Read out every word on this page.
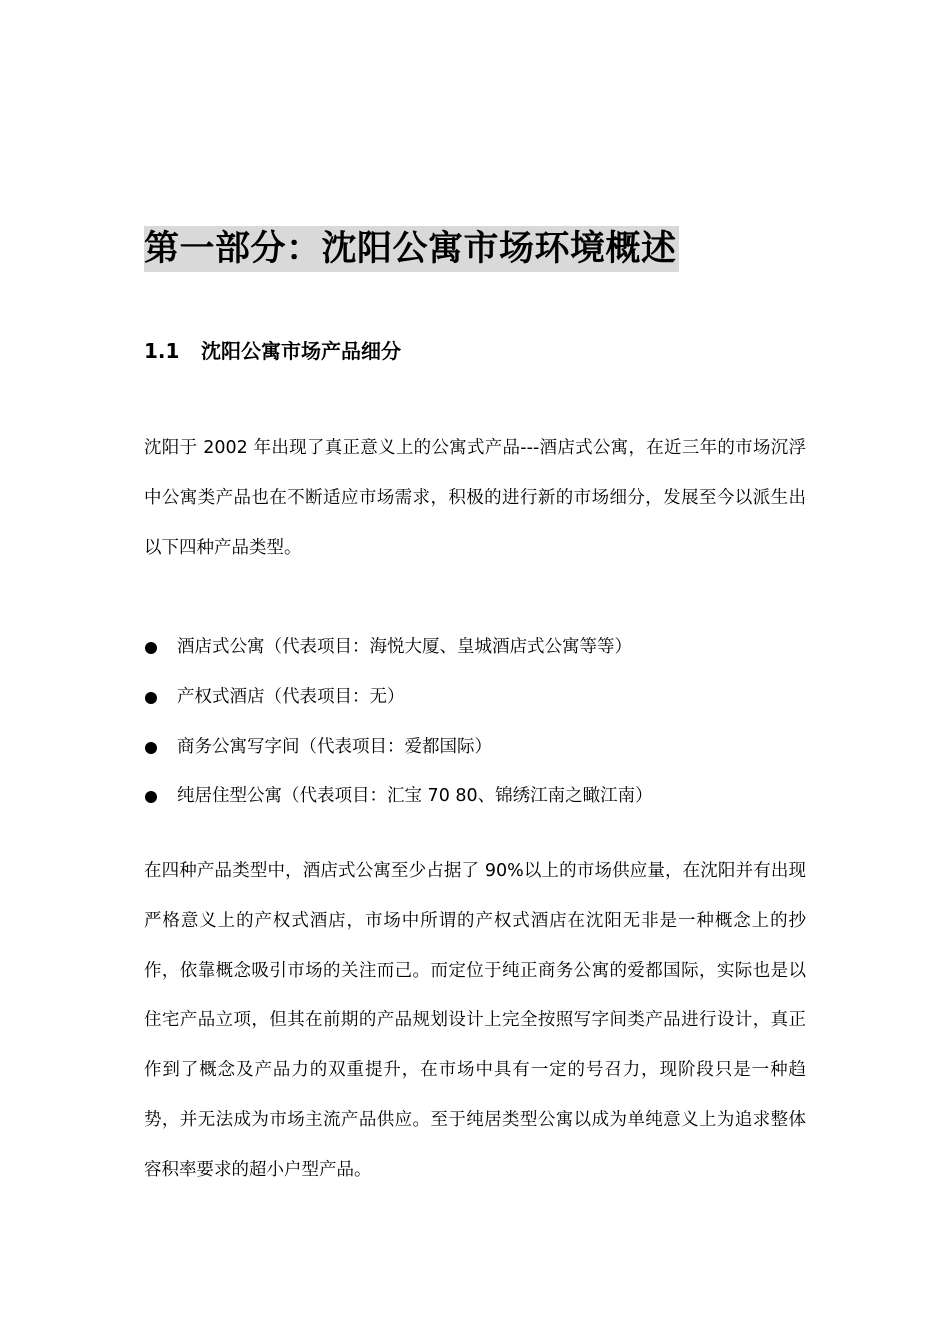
第一部分：沈阳公寓市场环境概述
1.1 沈阳公寓市场产品细分

沈阳于 2002 年出现了真正意义上的公寓式产品---酒店式公寓，在近三年的市场沉浮中公寓类产品也在不断适应市场需求，积极的进行新的市场细分，发展至今以派生出以下四种产品类型。

酒店式公寓（代表项目：海悦大厦、皇城酒店式公寓等等）
产权式酒店（代表项目：无）
商务公寓写字间（代表项目：爱都国际）
纯居住型公寓（代表项目：汇宝 70 80、锦绣江南之瞰江南）

在四种产品类型中，酒店式公寓至少占据了 90%以上的市场供应量，在沈阳并有出现严格意义上的产权式酒店，市场中所谓的产权式酒店在沈阳无非是一种概念上的抄作，依靠概念吸引市场的关注而己。而定位于纯正商务公寓的爱都国际，实际也是以住宅产品立项，但其在前期的产品规划设计上完全按照写字间类产品进行设计，真正作到了概念及产品力的双重提升，在市场中具有一定的号召力，现阶段只是一种趋势，并无法成为市场主流产品供应。至于纯居类型公寓以成为单纯意义上为追求整体容积率要求的超小户型产品。
